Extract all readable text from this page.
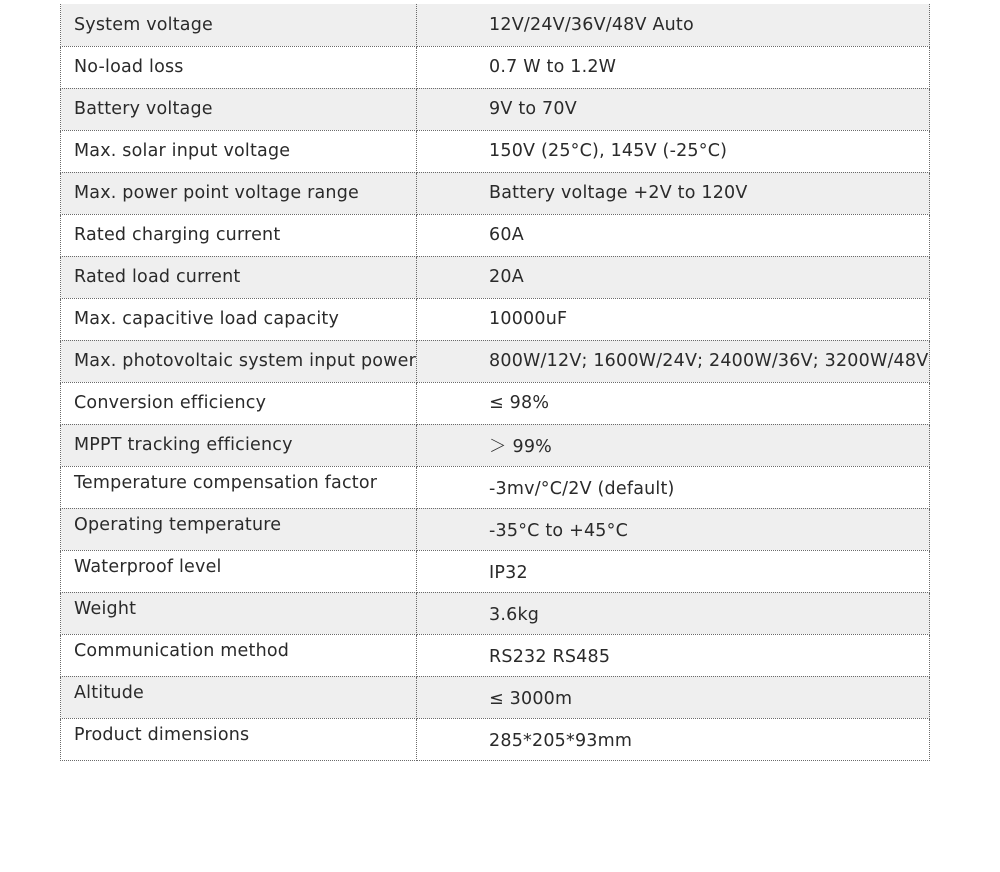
System voltage	12V/24V/36V/48V Auto
No-load loss	0.7 W to 1.2W
Battery voltage	9V to 70V
Max. solar input voltage	150V (25°C), 145V (-25°C)
Max. power point voltage range	Battery voltage +2V to 120V
Rated charging current	60A
Rated load current	20A
Max. capacitive load capacity	10000uF
Max. photovoltaic system input power	800W/12V; 1600W/24V; 2400W/36V; 3200W/48V
Conversion efficiency	≤ 98%
MPPT tracking efficiency	＞ 99%
Temperature compensation factor	-3mv/°C/2V (default)
Operating temperature	-35°C to +45°C
Waterproof level	IP32
Weight	3.6kg
Communication method	RS232 RS485
Altitude	≤ 3000m
Product dimensions	285*205*93mm
